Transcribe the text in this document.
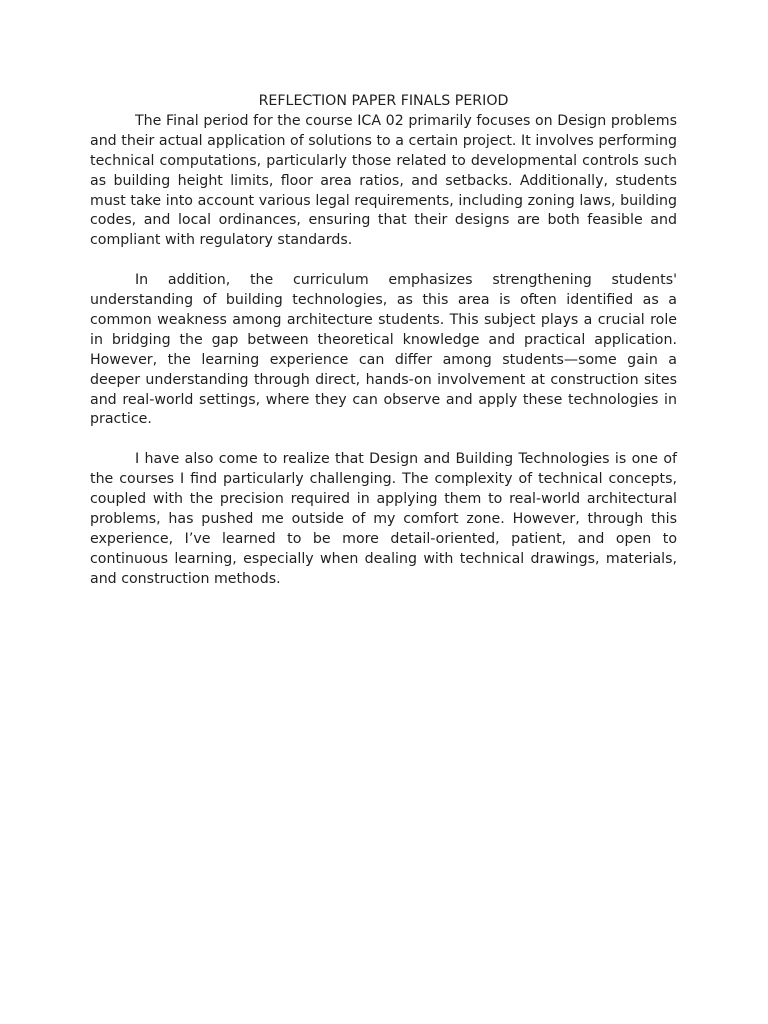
REFLECTION PAPER FINALS PERIOD

The Final period for the course ICA 02 primarily focuses on Design problems and their actual application of solutions to a certain project. It involves performing technical computations, particularly those related to developmental controls such as building height limits, floor area ratios, and setbacks. Additionally, students must take into account various legal requirements, including zoning laws, building codes, and local ordinances, ensuring that their designs are both feasible and compliant with regulatory standards.

In addition, the curriculum emphasizes strengthening students' understanding of building technologies, as this area is often identified as a common weakness among architecture students. This subject plays a crucial role in bridging the gap between theoretical knowledge and practical application. However, the learning experience can differ among students—some gain a deeper understanding through direct, hands-on involvement at construction sites and real-world settings, where they can observe and apply these technologies in practice.

I have also come to realize that Design and Building Technologies is one of the courses I find particularly challenging. The complexity of technical concepts, coupled with the precision required in applying them to real-world architectural problems, has pushed me outside of my comfort zone. However, through this experience, I’ve learned to be more detail-oriented, patient, and open to continuous learning, especially when dealing with technical drawings, materials, and construction methods.
